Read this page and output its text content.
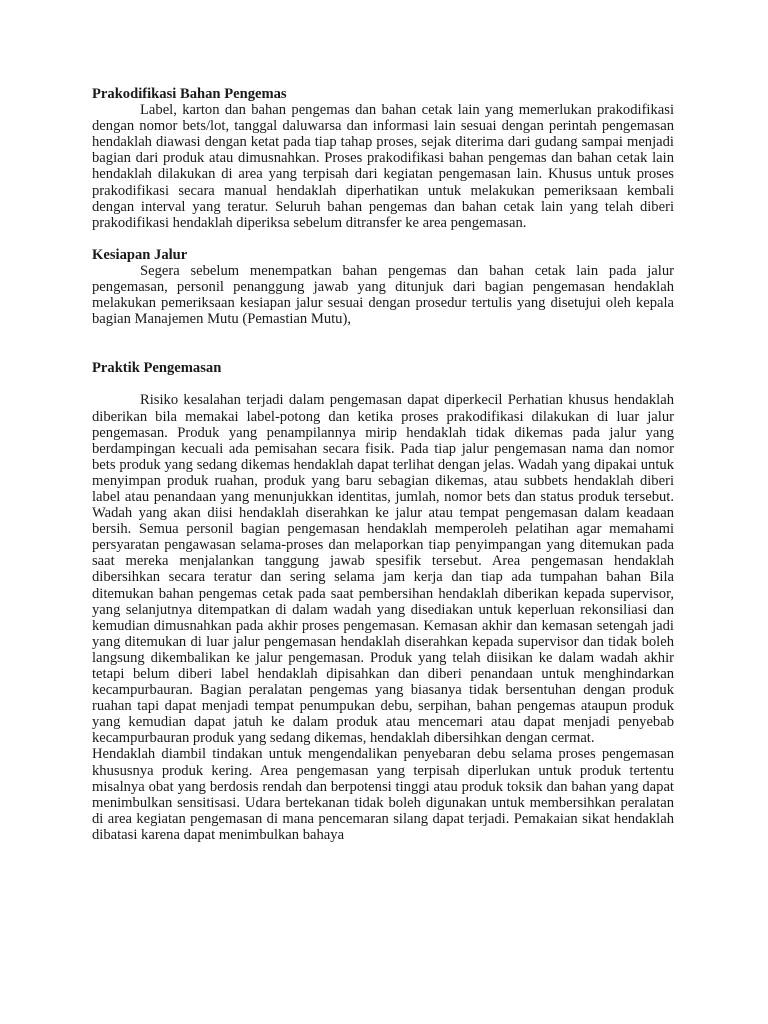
Prakodifikasi Bahan Pengemas

Label, karton dan bahan pengemas dan bahan cetak lain yang memerlukan prakodifikasi dengan nomor bets/lot, tanggal daluwarsa dan informasi lain sesuai dengan perintah pengemasan hendaklah diawasi dengan ketat pada tiap tahap proses, sejak diterima dari gudang sampai menjadi bagian dari produk atau dimusnahkan. Proses prakodifikasi bahan pengemas dan bahan cetak lain hendaklah dilakukan di area yang terpisah dari kegiatan pengemasan lain. Khusus untuk proses prakodifikasi secara manual hendaklah diperhatikan untuk melakukan pemeriksaan kembali dengan interval yang teratur. Seluruh bahan pengemas dan bahan cetak lain yang telah diberi prakodifikasi hendaklah diperiksa sebelum ditransfer ke area pengemasan.

Kesiapan Jalur

Segera sebelum menempatkan bahan pengemas dan bahan cetak lain pada jalur pengemasan, personil penanggung jawab yang ditunjuk dari bagian pengemasan hendaklah melakukan pemeriksaan kesiapan jalur sesuai dengan prosedur tertulis yang disetujui oleh kepala bagian Manajemen Mutu (Pemastian Mutu),

Praktik Pengemasan

Risiko kesalahan terjadi dalam pengemasan dapat diperkecil Perhatian khusus hendaklah diberikan bila memakai label-potong dan ketika proses prakodifikasi dilakukan di luar jalur pengemasan. Produk yang penampilannya mirip hendaklah tidak dikemas pada jalur yang berdampingan kecuali ada pemisahan secara fisik. Pada tiap jalur pengemasan nama dan nomor bets produk yang sedang dikemas hendaklah dapat terlihat dengan jelas. Wadah yang dipakai untuk menyimpan produk ruahan, produk yang baru sebagian dikemas, atau subbets hendaklah diberi label atau penandaan yang menunjukkan identitas, jumlah, nomor bets dan status produk tersebut. Wadah yang akan diisi hendaklah diserahkan ke jalur atau tempat pengemasan dalam keadaan bersih. Semua personil bagian pengemasan hendaklah memperoleh pelatihan agar memahami persyaratan pengawasan selama-proses dan melaporkan tiap penyimpangan yang ditemukan pada saat mereka menjalankan tanggung jawab spesifik tersebut. Area pengemasan hendaklah dibersihkan secara teratur dan sering selama jam kerja dan tiap ada tumpahan bahan Bila ditemukan bahan pengemas cetak pada saat pembersihan hendaklah diberikan kepada supervisor, yang selanjutnya ditempatkan di dalam wadah yang disediakan untuk keperluan rekonsiliasi dan kemudian dimusnahkan pada akhir proses pengemasan. Kemasan akhir dan kemasan setengah jadi yang ditemukan di luar jalur pengemasan hendaklah diserahkan kepada supervisor dan tidak boleh langsung dikembalikan ke jalur pengemasan. Produk yang telah diisikan ke dalam wadah akhir tetapi belum diberi label hendaklah dipisahkan dan diberi penandaan untuk menghindarkan kecampurbauran. Bagian peralatan pengemas yang biasanya tidak bersentuhan dengan produk ruahan tapi dapat menjadi tempat penumpukan debu, serpihan, bahan pengemas ataupun produk yang kemudian dapat jatuh ke dalam produk atau mencemari atau dapat menjadi penyebab kecampurbauran produk yang sedang dikemas, hendaklah dibersihkan dengan cermat.

Hendaklah diambil tindakan untuk mengendalikan penyebaran debu selama proses pengemasan khususnya produk kering. Area pengemasan yang terpisah diperlukan untuk produk tertentu misalnya obat yang berdosis rendah dan berpotensi tinggi atau produk toksik dan bahan yang dapat menimbulkan sensitisasi. Udara bertekanan tidak boleh digunakan untuk membersihkan peralatan di area kegiatan pengemasan di mana pencemaran silang dapat terjadi. Pemakaian sikat hendaklah dibatasi karena dapat menimbulkan bahaya
